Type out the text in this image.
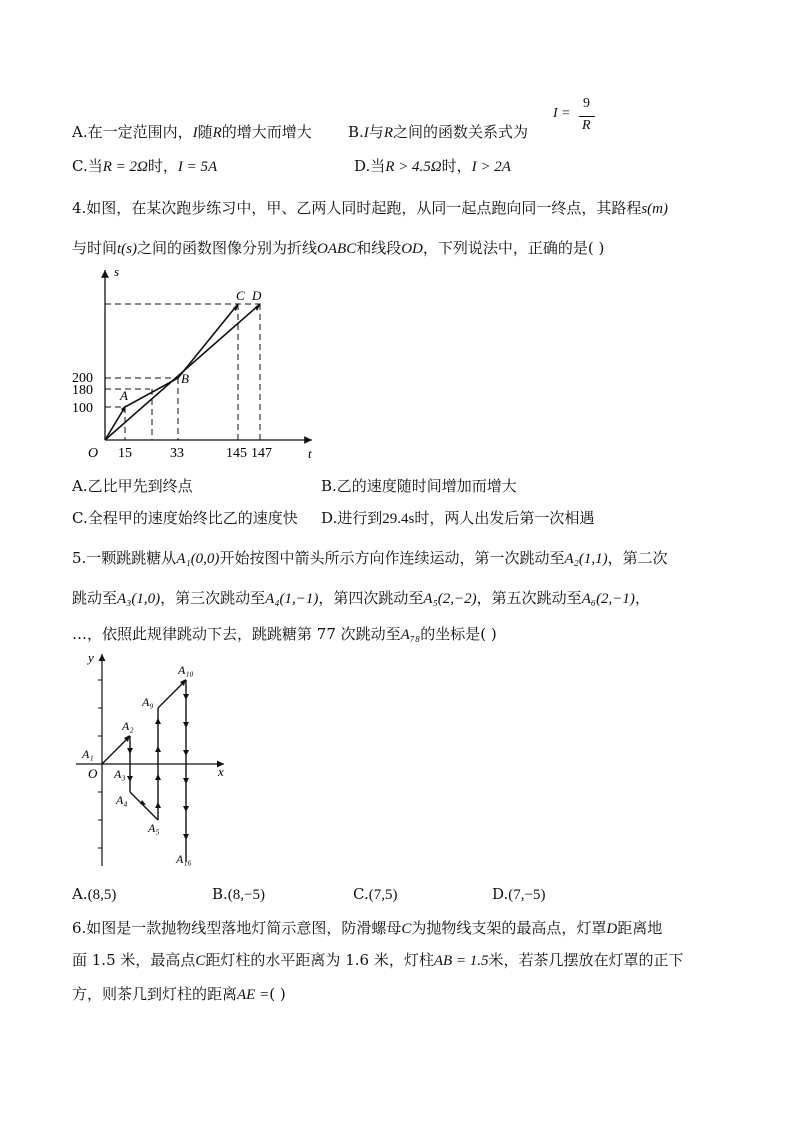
A.在一定范围内，I随R的增大而增大 B.I与R之间的函数关系式为
I =
9
R
C.当R = 2Ω时，I = 5A	D.当R > 4.5Ω时，I > 2A
4.如图，在某次跑步练习中，甲、乙两人同时起跑，从同一起点跑向同一终点，其路程s(m)
与时间t(s)之间的函数图像分别为折线OABC和线段OD，下列说法中，正确的是( )
s
t
O
200
180
100
15	33	145 147
A
B
C D
A.乙比甲先到终点	B.乙的速度随时间增加而增大
C.全程甲的速度始终比乙的速度快 D.进行到29.4s时，两人出发后第一次相遇
5.一颗跳跳糖从A₁(0,0)开始按图中箭头所示方向作连续运动，第一次跳动至A₂(1,1)，第二次
跳动至A₃(1,0)，第三次跳动至A₄(1,−1)，第四次跳动至A₅(2,−2)，第五次跳动至A₆(2,−1)，
…，依照此规律跳动下去，跳跳糖第 77 次跳动至A₇₈的坐标是( )
y
x
O
A₁
A₂
A₃
A₄
A₅
A₉
A₁₀
A₁₆
A.(8,5)	B.(8,−5)	C.(7,5)	D.(7,−5)
6.如图是一款抛物线型落地灯简示意图，防滑螺母C为抛物线支架的最高点，灯罩D距离地
面 1.5 米，最高点C距灯柱的水平距离为 1.6 米，灯柱AB = 1.5米，若茶几摆放在灯罩的正下
方，则茶几到灯柱的距离AE =( )
